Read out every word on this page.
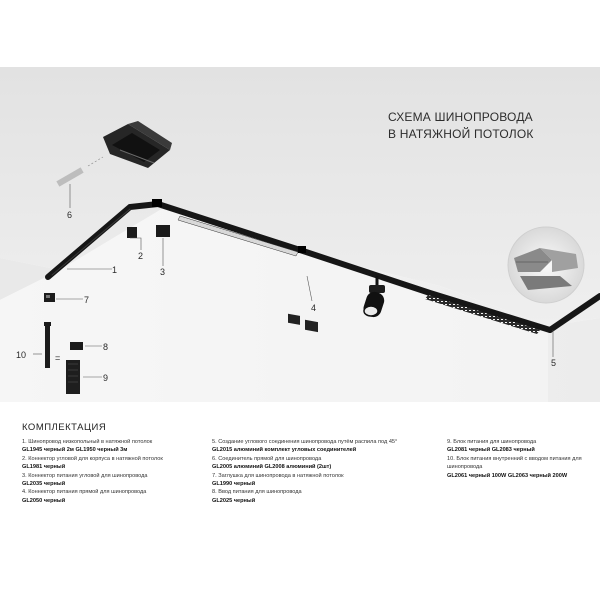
СХЕМА ШИНОПРОВОДА
В НАТЯЖНОЙ ПОТОЛОК
1
2
3
4
5
6
7
8
9
10	=
КОМПЛЕКТАЦИЯ
1. Шинопровод низкопольный в натяжной потолок
GL1945 черный 2м GL1950 черный 3м
2. Коннектор угловой для корпуса в натяжной потолок
GL1981 черный
3. Коннектор питания угловой для шинопровода
GL2035 черный
4. Коннектор питания прямой для шинопровода
GL2050 черный
5. Создание углового соединения шинопровода путём распила под 45°
GL2015 алюминий комплект угловых соединителей
6. Соединитель прямой для шинопровода
GL2005 алюминий GL2008 алюминий (2шт)
7. Заглушка для шинопровода в натяжной потолок
GL1990 черный
8. Ввод питания для шинопровода
GL2025 черный
9. Блок питания для шинопровода
GL2081 черный GL2083 черный
10. Блок питания внутренний с вводом питания для шинопровода
GL2061 черный 100W GL2063 черный 200W
